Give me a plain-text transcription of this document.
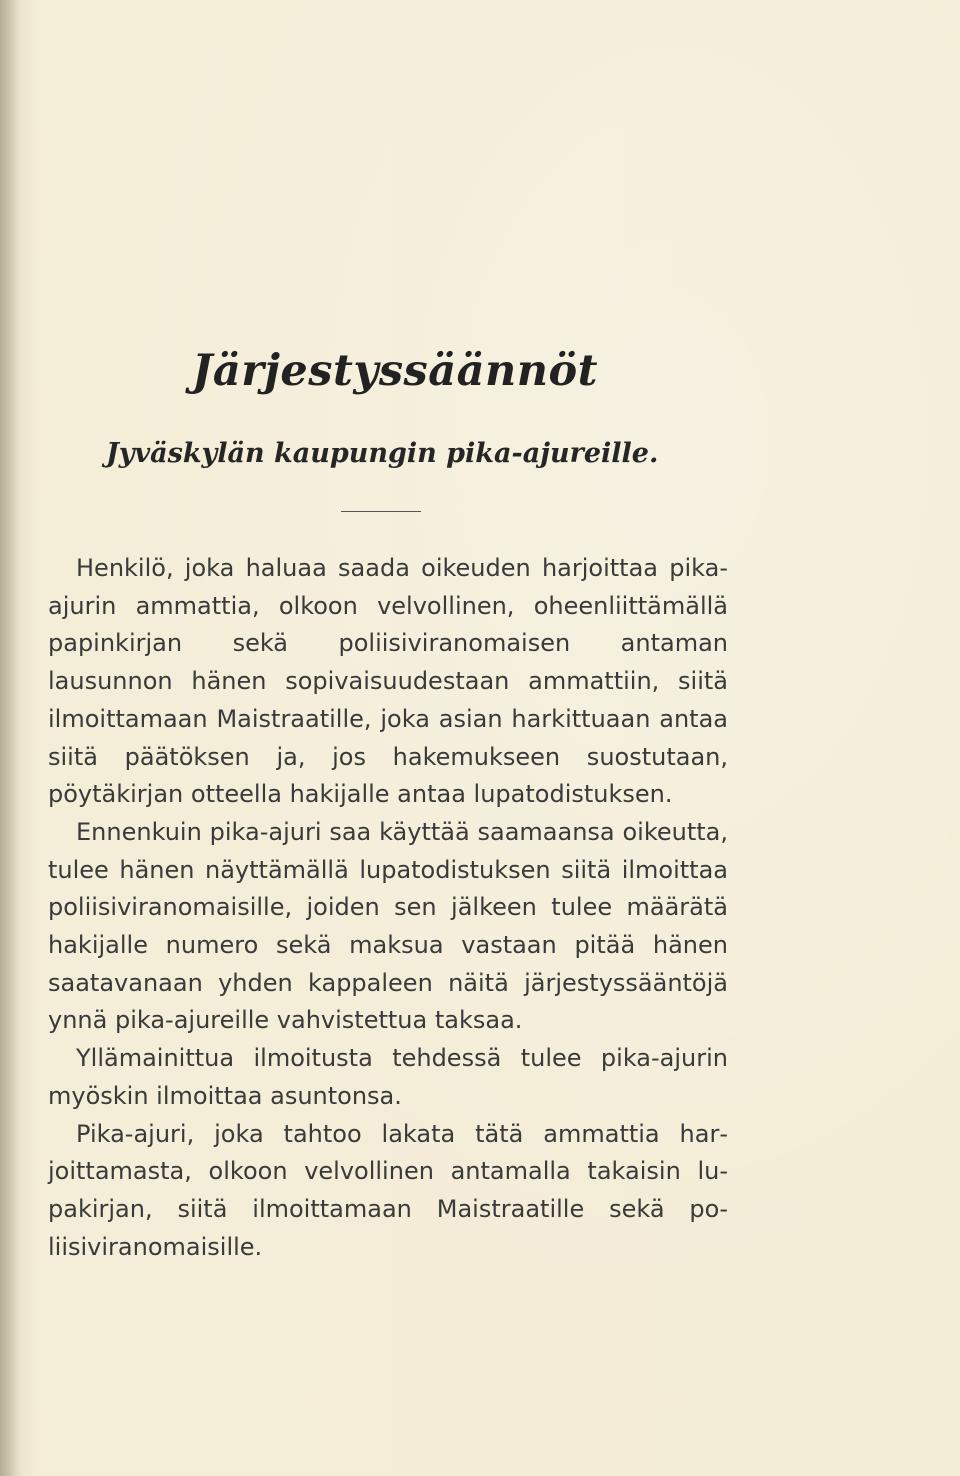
Järjestyssäännöt
Jyväskylän kaupungin pika-ajureille.

Henkilö, joka haluaa saada oikeuden harjoittaa pika-ajurin ammattia, olkoon velvollinen, oheenliittämällä papinkirjan sekä poliisiviranomaisen antaman lausunnon hänen sopivaisuudestaan ammattiin, siitä ilmoittamaan Maistraatille, joka asian harkittuaan antaa siitä päätöksen ja, jos hakemukseen suostutaan, pöytäkirjan otteella hakijalle antaa lupatodistuksen.

Ennenkuin pika-ajuri saa käyttää saamaansa oikeutta, tulee hänen näyttämällä lupatodistuksen siitä ilmoittaa poliisiviranomaisille, joiden sen jälkeen tulee määrätä hakijalle numero sekä maksua vastaan pitää hänen saatavanaan yhden kappaleen näitä järjestyssääntöjä ynnä pika-ajureille vahvistettua taksaa.

Yllämainittua ilmoitusta tehdessä tulee pika-ajurin myöskin ilmoittaa asuntonsa.

Pika-ajuri, joka tahtoo lakata tätä ammattia harjoittamasta, olkoon velvollinen antamalla takaisin lupakirjan, siitä ilmoittamaan Maistraatille sekä poliisiviranomaisille.
